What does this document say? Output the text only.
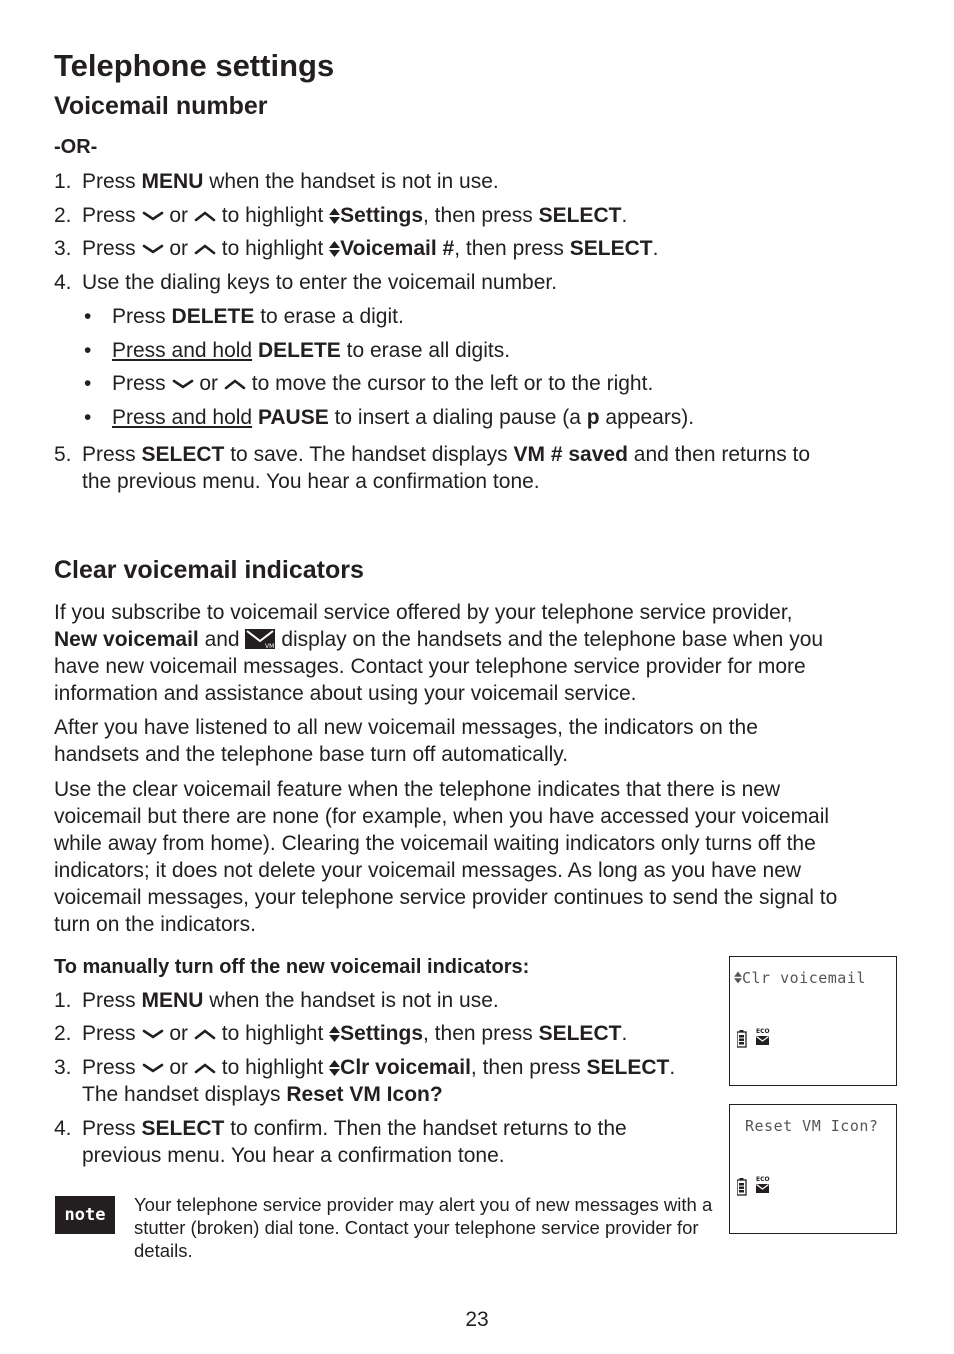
Telephone settings
Voicemail number
-OR-
1. Press MENU when the handset is not in use.
2. Press or to highlight Settings, then press SELECT.
3. Press or to highlight Voicemail #, then press SELECT.
4. Use the dialing keys to enter the voicemail number.
• Press DELETE to erase a digit.
• Press and hold DELETE to erase all digits.
• Press or to move the cursor to the left or to the right.
• Press and hold PAUSE to insert a dialing pause (a p appears).
5. Press SELECT to save. The handset displays VM # saved and then returns to
the previous menu. You hear a confirmation tone.
Clear voicemail indicators
If you subscribe to voicemail service offered by your telephone service provider,
New voicemail and	VM display on the handsets and the telephone base when you
have new voicemail messages. Contact your telephone service provider for more
information and assistance about using your voicemail service.
After you have listened to all new voicemail messages, the indicators on the
handsets and the telephone base turn off automatically.
Use the clear voicemail feature when the telephone indicates that there is new
voicemail but there are none (for example, when you have accessed your voicemail
while away from home). Clearing the voicemail waiting indicators only turns off the
indicators; it does not delete your voicemail messages. As long as you have new
voicemail messages, your telephone service provider continues to send the signal to
turn on the indicators.
To manually turn off the new voicemail indicators:
1. Press MENU when the handset is not in use.
2. Press or to highlight Settings, then press SELECT.
3. Press or to highlight Clr voicemail, then press SELECT.
The handset displays Reset VM Icon?
4. Press SELECT to confirm. Then the handset returns to the
previous menu. You hear a confirmation tone.
Clr voicemail
ECO
Reset VM Icon?
ECO
note	Your telephone service provider may alert you of new messages with a stutter (broken) dial tone. Contact your telephone service provider for details.
23
